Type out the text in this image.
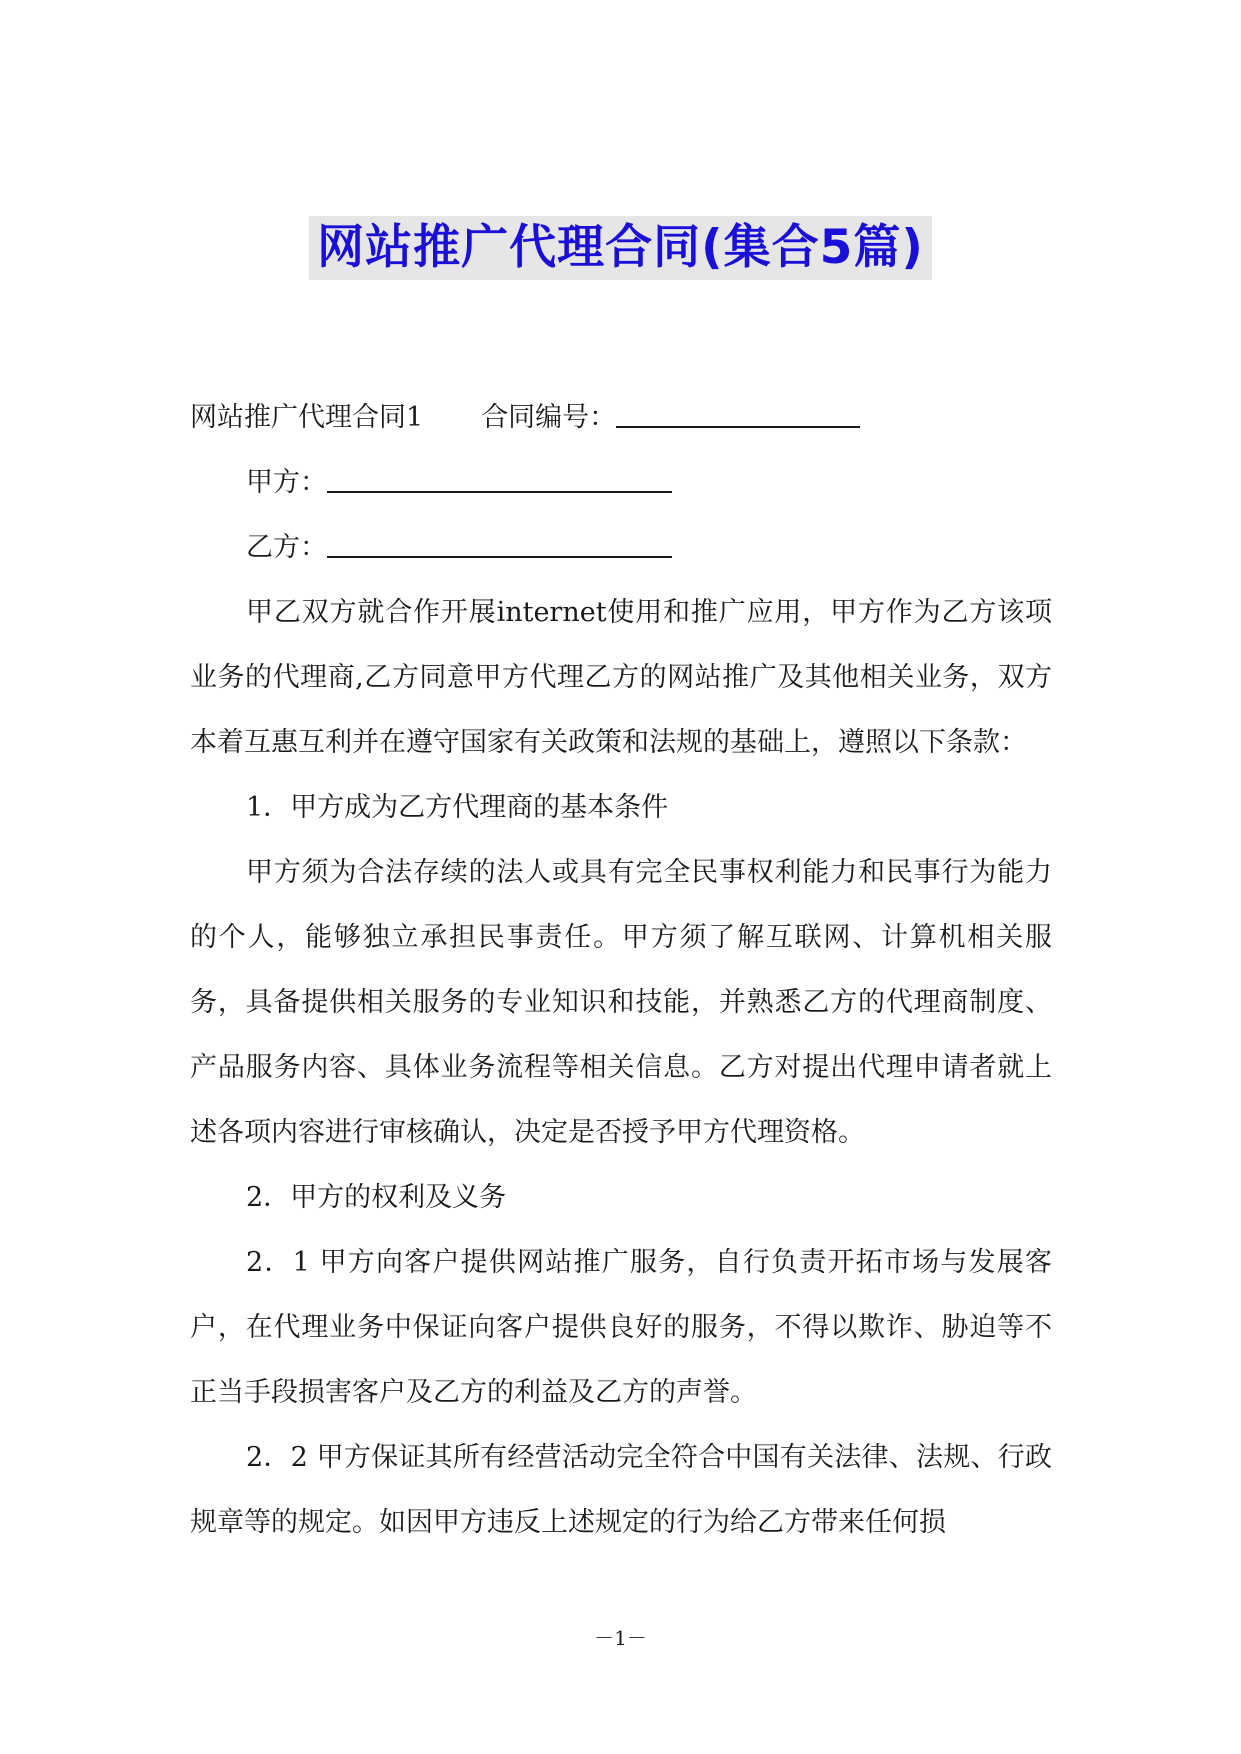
网站推广代理合同(集合5篇)
网站推广代理合同1 合同编号：
甲方：
乙方：
甲乙双方就合作开展internet使用和推广应用，甲方作为乙方该项业务的代理商,乙方同意甲方代理乙方的网站推广及其他相关业务，双方本着互惠互利并在遵守国家有关政策和法规的基础上，遵照以下条款：
1．甲方成为乙方代理商的基本条件
甲方须为合法存续的法人或具有完全民事权利能力和民事行为能力的个人，能够独立承担民事责任。甲方须了解互联网、计算机相关服务，具备提供相关服务的专业知识和技能，并熟悉乙方的代理商制度、产品服务内容、具体业务流程等相关信息。乙方对提出代理申请者就上述各项内容进行审核确认，决定是否授予甲方代理资格。
2．甲方的权利及义务
2．1 甲方向客户提供网站推广服务，自行负责开拓市场与发展客户，在代理业务中保证向客户提供良好的服务，不得以欺诈、胁迫等不正当手段损害客户及乙方的利益及乙方的声誉。
2．2 甲方保证其所有经营活动完全符合中国有关法律、法规、行政规章等的规定。如因甲方违反上述规定的行为给乙方带来任何损
－1－
